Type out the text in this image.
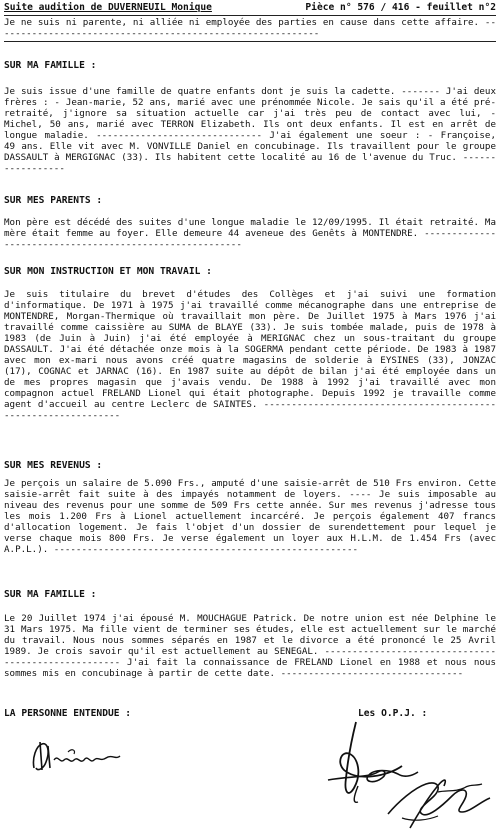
Suite audition de DUVERNEUIL Monique	Pièce n° 576 / 416 - feuillet n°2
Je ne suis ni parente, ni alliée ni employée des parties en cause dans cette affaire. -----------------------------------------------------------
SUR MA FAMILLE :
Je suis issue d'une famille de quatre enfants dont je suis la cadette. ------- J'ai deux frères : - Jean-marie, 52 ans, marié avec une prénommée Nicole. Je sais qu'il a été pré-retraité, j'ignore sa situation actuelle car j'ai très peu de contact avec lui, - Michel, 50 ans, marié avec TERRON Elizabeth. Ils ont deux enfants. Il est en arrêt de longue maladie. ------------------------------ J'ai également une soeur : - Françoise, 49 ans. Elle vit avec M. VONVILLE Daniel en concubinage. Ils travaillent pour le groupe DASSAULT à MERGIGNAC (33). Ils habitent cette localité au 16 de l'avenue du Truc. -----------------
SUR MES PARENTS :
Mon père est décédé des suites d'une longue maladie le 12/09/1995. Il était retraité. Ma mère était femme au foyer. Elle demeure 44 aveneue des Genêts à MONTENDRE. --------------------------------------------------------
SUR MON INSTRUCTION ET MON TRAVAIL :
Je suis titulaire du brevet d'études des Collèges et j'ai suivi une formation d'informatique. De 1971 à 1975 j'ai travaillé comme mécanographe dans une entreprise de MONTENDRE, Morgan-Thermique où travaillait mon père. De Juillet 1975 à Mars 1976 j'ai travaillé comme caissière au SUMA de BLAYE (33). Je suis tombée malade, puis de 1978 à 1983 (de Juin à Juin) j'ai été employée à MERIGNAC chez un sous-traitant du groupe DASSAULT. J'ai été détachée onze mois à la SOGERMA pendant cette période. De 1983 à 1987 avec mon ex-mari nous avons créé quatre magasins de solderie à EYSINES (33), JONZAC (17), COGNAC et JARNAC (16). En 1987 suite au dépôt de bilan j'ai été employée dans un de mes propres magasin que j'avais vendu. De 1988 à 1992 j'ai travaillé avec mon compagnon actuel FRELAND Lionel qui était photographe. Depuis 1992 je travaille comme agent d'accueil au centre Leclerc de SAINTES. ---------------------------------------------------------------
SUR MES REVENUS :
Je perçois un salaire de 5.090 Frs., amputé d'une saisie-arrêt de 510 Frs environ. Cette saisie-arrêt fait suite à des impayés notamment de loyers. ---- Je suis imposable au niveau des revenus pour une somme de 509 Frs cette année. Sur mes revenus j'adresse tous les mois 1.200 Frs à Lionel actuellement incarcéré. Je perçois également 407 francs d'allocation logement. Je fais l'objet d'un dossier de surendettement pour lequel je verse chaque mois 800 Frs. Je verse également un loyer aux H.L.M. de 1.454 Frs (avec A.P.L.). -------------------------------------------------------
SUR MA FAMILLE :
Le 20 Juillet 1974 j'ai épousé M. MOUCHAGUE Patrick. De notre union est née Delphine le 31 Mars 1975. Ma fille vient de terminer ses études, elle est actuellement sur le marché du travail. Nous nous sommes séparés en 1987 et le divorce a été prononcé le 25 Avril 1989. Je crois savoir qu'il est actuellement au SENEGAL. ---------------------------------------------------- J'ai fait la connaissance de FRELAND Lionel en 1988 et nous nous sommes mis en concubinage à partir de cette date. ---------------------------------
LA PERSONNE ENTENDUE :	Les O.P.J. :
